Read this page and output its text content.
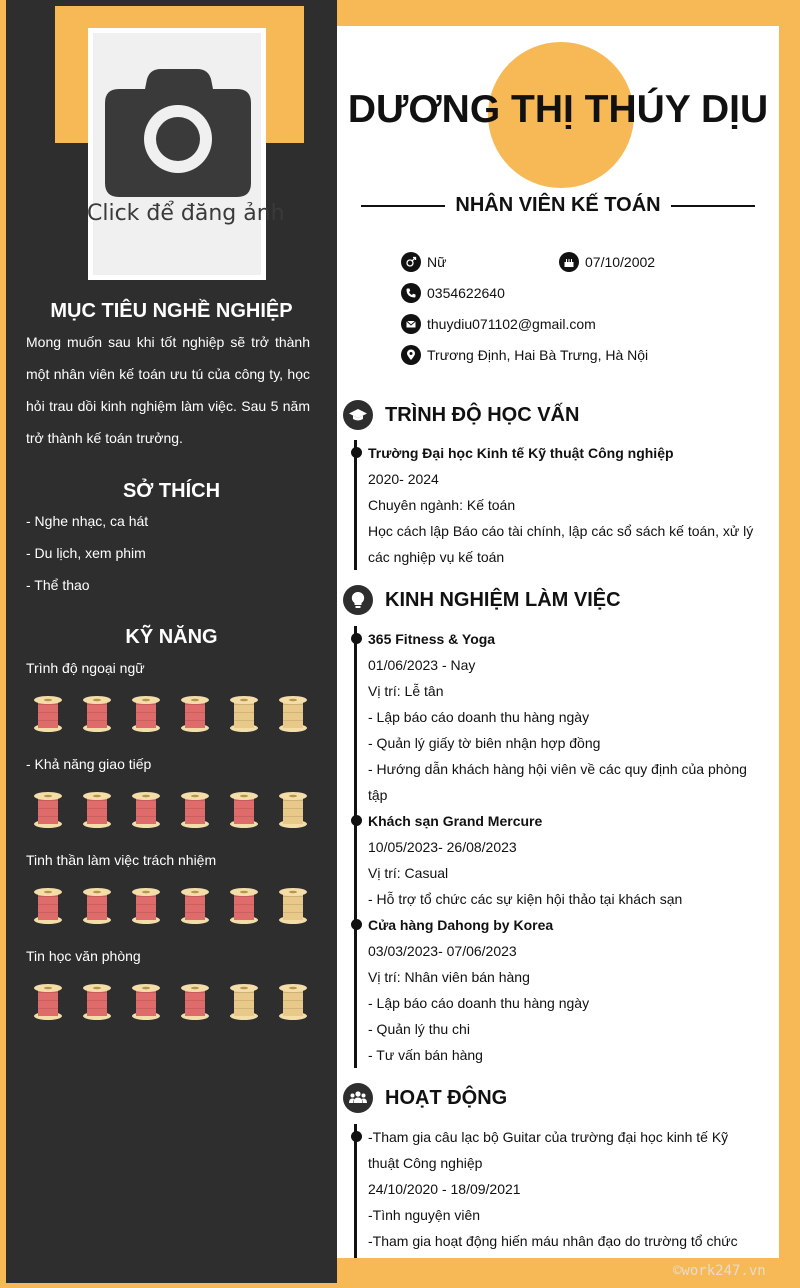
Click để đăng ảnh
MỤC TIÊU NGHỀ NGHIỆP
Mong muốn sau khi tốt nghiệp sẽ trở thành một nhân viên kế toán ưu tú của công ty, học hỏi trau dồi kinh nghiệm làm việc. Sau 5 năm trở thành kế toán trưởng.
SỞ THÍCH
- Nghe nhạc, ca hát
- Du lịch, xem phim
- Thể thao
KỸ NĂNG
Trình độ ngoại ngữ
- Khả năng giao tiếp
Tinh thần làm việc trách nhiệm
Tin học văn phòng
DƯƠNG THỊ THÚY DỊU
NHÂN VIÊN KẾ TOÁN
Nữ	07/10/2002
0354622640
thuydiu071102@gmail.com
Trương Định, Hai Bà Trưng, Hà Nội
TRÌNH ĐỘ HỌC VẤN
Trường Đại học Kinh tế Kỹ thuật Công nghiệp
2020- 2024
Chuyên ngành: Kế toán
Học cách lập Báo cáo tài chính, lập các sổ sách kế toán, xử lý
các nghiệp vụ kế toán
KINH NGHIỆM LÀM VIỆC
365 Fitness & Yoga
01/06/2023 - Nay
Vị trí: Lễ tân
- Lập báo cáo doanh thu hàng ngày
- Quản lý giấy tờ biên nhận hợp đồng
- Hướng dẫn khách hàng hội viên về các quy định của phòng
tập
Khách sạn Grand Mercure
10/05/2023- 26/08/2023
Vị trí: Casual
- Hỗ trợ tổ chức các sự kiện hội thảo tại khách sạn
Cửa hàng Dahong by Korea
03/03/2023- 07/06/2023
Vị trí: Nhân viên bán hàng
- Lập báo cáo doanh thu hàng ngày
- Quản lý thu chi
- Tư vấn bán hàng
HOẠT ĐỘNG
-Tham gia câu lạc bộ Guitar của trường đại học kinh tế Kỹ
thuật Công nghiệp
24/10/2020 - 18/09/2021
-Tình nguyện viên
-Tham gia hoạt động hiến máu nhân đạo do trường tổ chức
©work247.vn
